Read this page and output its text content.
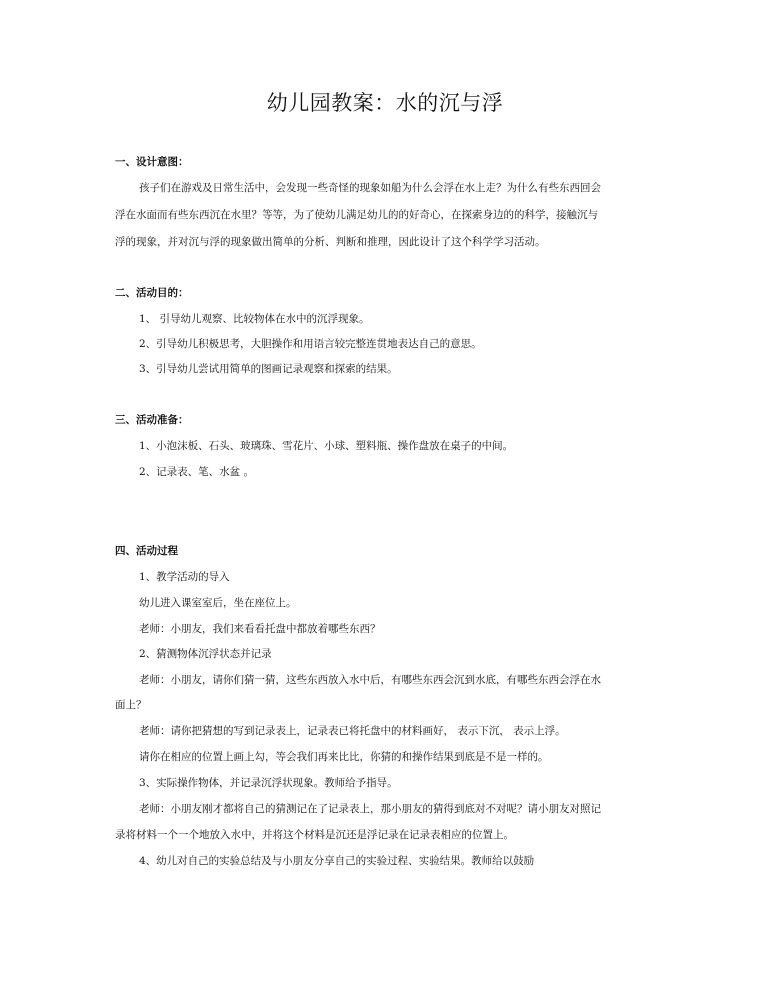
幼儿园教案：水的沉与浮
一、设计意图：
孩子们在游戏及日常生活中，会发现一些奇怪的现象如船为什么会浮在水上走？为什么有些东西回会
浮在水面而有些东西沉在水里？等等，为了使幼儿满足幼儿的的好奇心，在探索身边的的科学，接触沉与
浮的现象，并对沉与浮的现象做出简单的分析、判断和推理，因此设计了这个科学学习活动。
二、活动目的：
1、 引导幼儿观察、比较物体在水中的沉浮现象。
2、引导幼儿积极思考，大胆操作和用语言较完整连贯地表达自己的意思。
3、引导幼儿尝试用简单的图画记录观察和探索的结果。
三、活动准备：
1、小泡沫板、石头、玻璃珠、雪花片、小球、塑料瓶、操作盘放在桌子的中间。
2、记录表、笔、水盆 。
四、活动过程
1、教学活动的导入
幼儿进入课室室后，坐在座位上。
老师：小朋友，我们来看看托盘中都放着哪些东西？
2、猜测物体沉浮状态并记录
老师：小朋友，请你们猜一猜，这些东西放入水中后，有哪些东西会沉到水底，有哪些东西会浮在水
面上？
老师：请你把猜想的写到记录表上，记录表已将托盘中的材料画好， 表示下沉， 表示上浮。
请你在相应的位置上画上勾，等会我们再来比比，你猜的和操作结果到底是不是一样的。
3、实际操作物体，并记录沉浮状现象。教师给予指导。
老师：小朋友刚才都将自己的猜测记在了记录表上，那小朋友的猜得到底对不对呢？请小朋友对照记
录将材料一个一个地放入水中，并将这个材料是沉还是浮记录在记录表相应的位置上。
4、幼儿对自己的实验总结及与小朋友分享自己的实验过程、实验结果。教师给以鼓励
